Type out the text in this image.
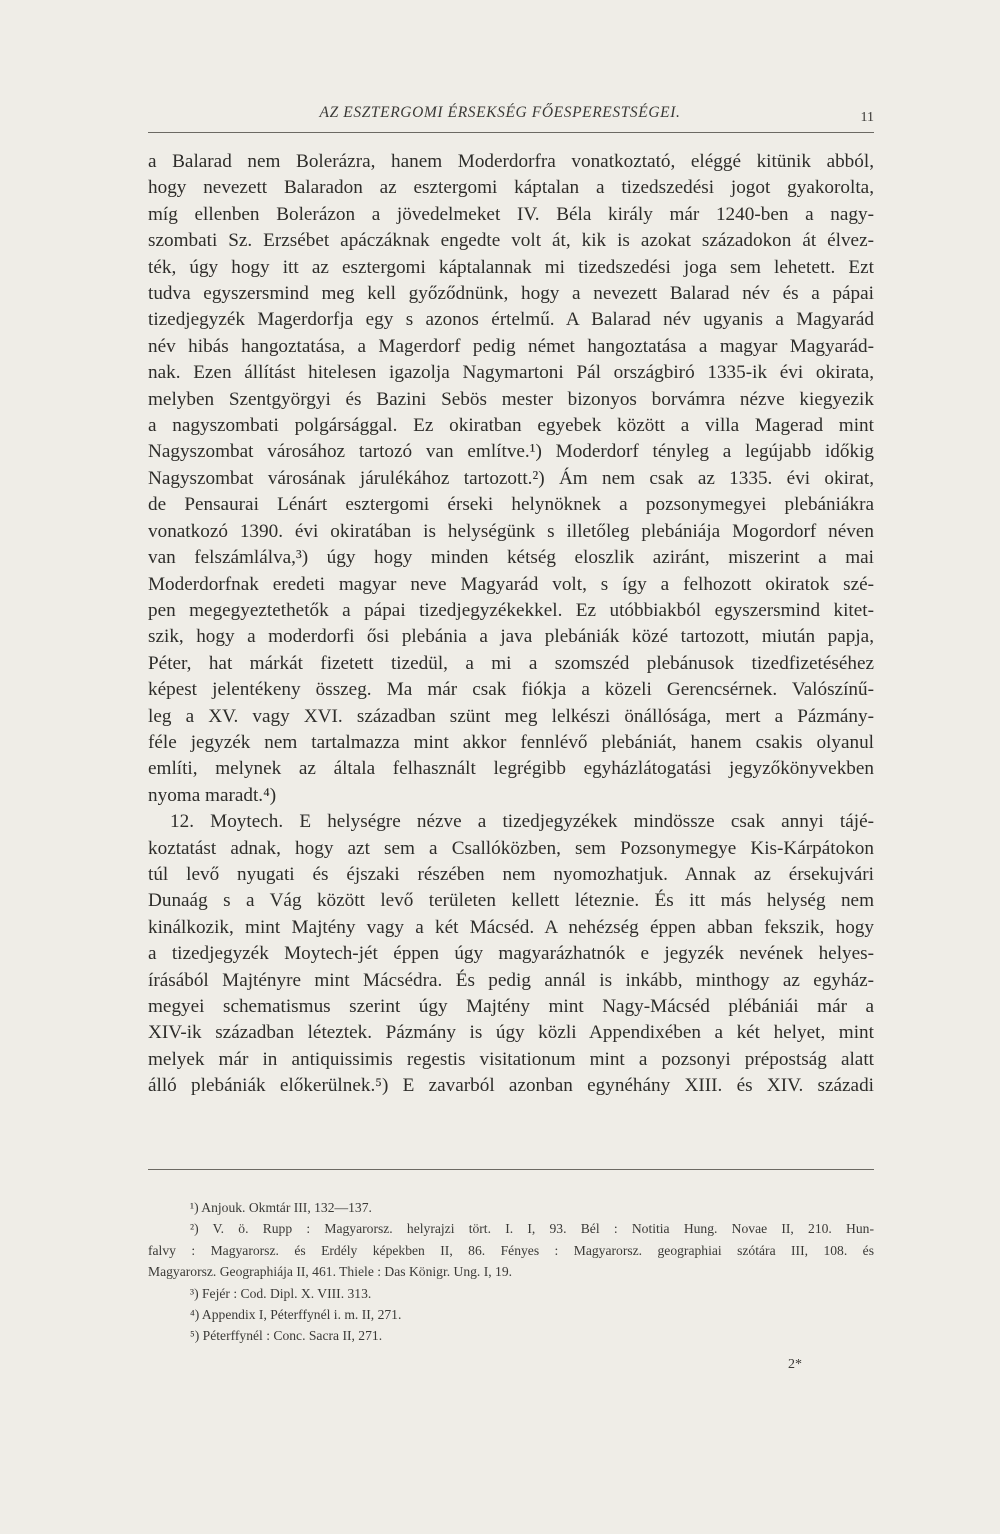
AZ ESZTERGOMI ÉRSEKSÉG FŐESPERESTSÉGEI.	11
a Balarad nem Bolerázra, hanem Moderdorfra vonatkoztató, eléggé kitünik abból,
hogy nevezett Balaradon az esztergomi káptalan a tizedszedési jogot gyakorolta,
míg ellenben Bolerázon a jövedelmeket IV. Béla király már 1240-ben a nagy-
szombati Sz. Erzsébet apáczáknak engedte volt át, kik is azokat századokon át élvez-
ték, úgy hogy itt az esztergomi káptalannak mi tizedszedési joga sem lehetett. Ezt
tudva egyszersmind meg kell győződnünk, hogy a nevezett Balarad név és a pápai
tizedjegyzék Magerdorfja egy s azonos értelmű. A Balarad név ugyanis a Magyarád
név hibás hangoztatása, a Magerdorf pedig német hangoztatása a magyar Magyarád-
nak. Ezen állítást hitelesen igazolja Nagymartoni Pál országbiró 1335-ik évi okirata,
melyben Szentgyörgyi és Bazini Sebös mester bizonyos borvámra nézve kiegyezik
a nagyszombati polgársággal. Ez okiratban egyebek között a villa Magerad mint
Nagyszombat városához tartozó van említve.¹) Moderdorf tényleg a legújabb időkig
Nagyszombat városának járulékához tartozott.²) Ám nem csak az 1335. évi okirat,
de Pensaurai Lénárt esztergomi érseki helynöknek a pozsonymegyei plebániákra
vonatkozó 1390. évi okiratában is helységünk s illetőleg plebániája Mogordorf néven
van felszámlálva,³) úgy hogy minden kétség eloszlik aziránt, miszerint a mai
Moderdorfnak eredeti magyar neve Magyarád volt, s így a felhozott okiratok szé-
pen megegyeztethetők a pápai tizedjegyzékekkel. Ez utóbbiakból egyszersmind kitet-
szik, hogy a moderdorfi ősi plebánia a java plebániák közé tartozott, miután papja,
Péter, hat márkát fizetett tizedül, a mi a szomszéd plebánusok tizedfizetéséhez
képest jelentékeny összeg. Ma már csak fiókja a közeli Gerencsérnek. Valószínű-
leg a XV. vagy XVI. században szünt meg lelkészi önállósága, mert a Pázmány-
féle jegyzék nem tartalmazza mint akkor fennlévő plebániát, hanem csakis olyanul
említi, melynek az általa felhasznált legrégibb egyházlátogatási jegyzőkönyvekben
nyoma maradt.⁴)
12. Moytech. E helységre nézve a tizedjegyzékek mindössze csak annyi tájé-
koztatást adnak, hogy azt sem a Csallóközben, sem Pozsonymegye Kis-Kárpátokon
túl levő nyugati és éjszaki részében nem nyomozhatjuk. Annak az érsekujvári
Dunaág s a Vág között levő területen kellett léteznie. És itt más helység nem
kinálkozik, mint Majtény vagy a két Mácséd. A nehézség éppen abban fekszik, hogy
a tizedjegyzék Moytech-jét éppen úgy magyarázhatnók e jegyzék nevének helyes-
írásából Majtényre mint Mácsédra. És pedig annál is inkább, minthogy az egyház-
megyei schematismus szerint úgy Majtény mint Nagy-Mácséd plébániái már a
XIV-ik században léteztek. Pázmány is úgy közli Appendixében a két helyet, mint
melyek már in antiquissimis regestis visitationum mint a pozsonyi prépostság alatt
álló plebániák előkerülnek.⁵) E zavarból azonban egynéhány XIII. és XIV. századi
¹) Anjouk. Okmtár III, 132—137.
²) V. ö. Rupp : Magyarorsz. helyrajzi tört. I. I, 93. Bél : Notitia Hung. Novae II, 210. Hun-
falvy : Magyarorsz. és Erdély képekben II, 86. Fényes : Magyarorsz. geographiai szótára III, 108. és
Magyarorsz. Geographiája II, 461. Thiele : Das Königr. Ung. I, 19.
³) Fejér : Cod. Dipl. X. VIII. 313.
⁴) Appendix I, Péterffynél i. m. II, 271.
⁵) Péterffynél : Conc. Sacra II, 271.
2*
